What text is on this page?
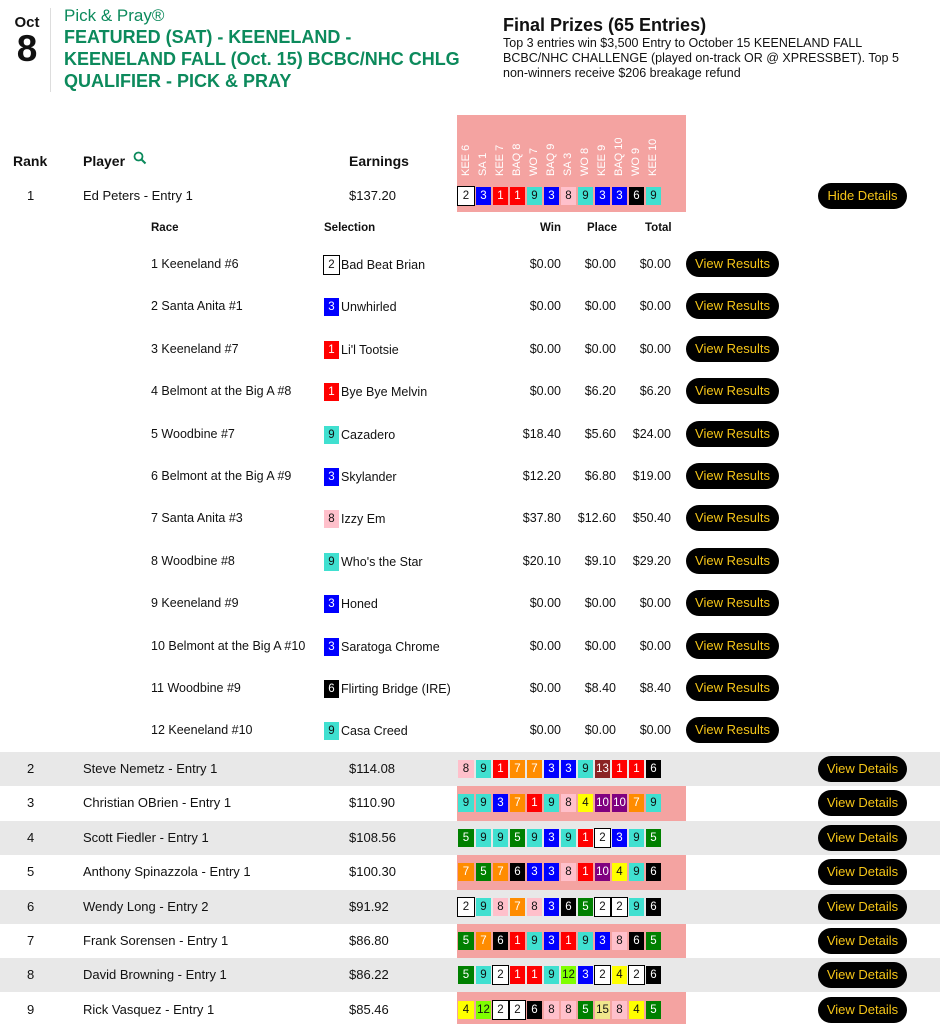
Oct
8
Pick & Pray®
FEATURED (SAT) - KEENELAND - KEENELAND FALL (Oct. 15) BCBC/NHC CHLG QUALIFIER - PICK & PRAY
Final Prizes (65 Entries)
Top 3 entries win $3,500 Entry to October 15 KEENELAND FALL BCBC/NHC CHALLENGE (played on-track OR @ XPRESSBET). Top 5 non-winners receive $206 breakage refund
KEE 6 SA 1 KEE 7 BAQ 8 WO 7 BAQ 9 SA 3 WO 8 KEE 9 BAQ 10 WO 9 KEE 10
Rank	Player	Earnings
1	Ed Peters - Entry 1	$137.20	2 3 1 1 9 3 8 9 3 3 6 9	Hide Details
2	Steve Nemetz - Entry 1	$114.08	8 9 1 7 7 3 3 9 13 1 1 6	View Details
3	Christian OBrien - Entry 1	$110.90	9 9 3 7 1 9 8 4 10 10 7 9	View Details
4	Scott Fiedler - Entry 1	$108.56	5 9 9 5 9 3 9 1 2 3 9 5	View Details
5	Anthony Spinazzola - Entry 1	$100.30	7 5 7 6 3 3 8 1 10 4 9 6	View Details
6	Wendy Long - Entry 2	$91.92	2 9 8 7 8 3 6 5 2 2 9 6	View Details
7	Frank Sorensen - Entry 1	$86.80	5 7 6 1 9 3 1 9 3 8 6 5	View Details
8	David Browning - Entry 1	$86.22	5 9 2 1 1 9 12 3 2 4 2 6	View Details
9	Rick Vasquez - Entry 1	$85.46	4 12 2 2 6 8 8 5 15 8 4 5	View Details
Race	Selection	Win Place Total
1 Keeneland #6	2 Bad Beat Brian	$0.00 $0.00 $0.00	View Results
2 Santa Anita #1	3 Unwhirled	$0.00 $0.00 $0.00	View Results
3 Keeneland #7	1 Li'l Tootsie	$0.00 $0.00 $0.00	View Results
4 Belmont at the Big A #8	1 Bye Bye Melvin	$0.00 $6.20 $6.20	View Results
5 Woodbine #7	9 Cazadero	$18.40 $5.60 $24.00	View Results
6 Belmont at the Big A #9	3 Skylander	$12.20 $6.80 $19.00	View Results
7 Santa Anita #3	8 Izzy Em	$37.80 $12.60 $50.40	View Results
8 Woodbine #8	9 Who's the Star	$20.10 $9.10 $29.20	View Results
9 Keeneland #9	3 Honed	$0.00 $0.00 $0.00	View Results
10 Belmont at the Big A #10	3 Saratoga Chrome	$0.00 $0.00 $0.00	View Results
11 Woodbine #9	6 Flirting Bridge (IRE)	$0.00 $8.40 $8.40	View Results
12 Keeneland #10	9 Casa Creed	$0.00 $0.00 $0.00	View Results
